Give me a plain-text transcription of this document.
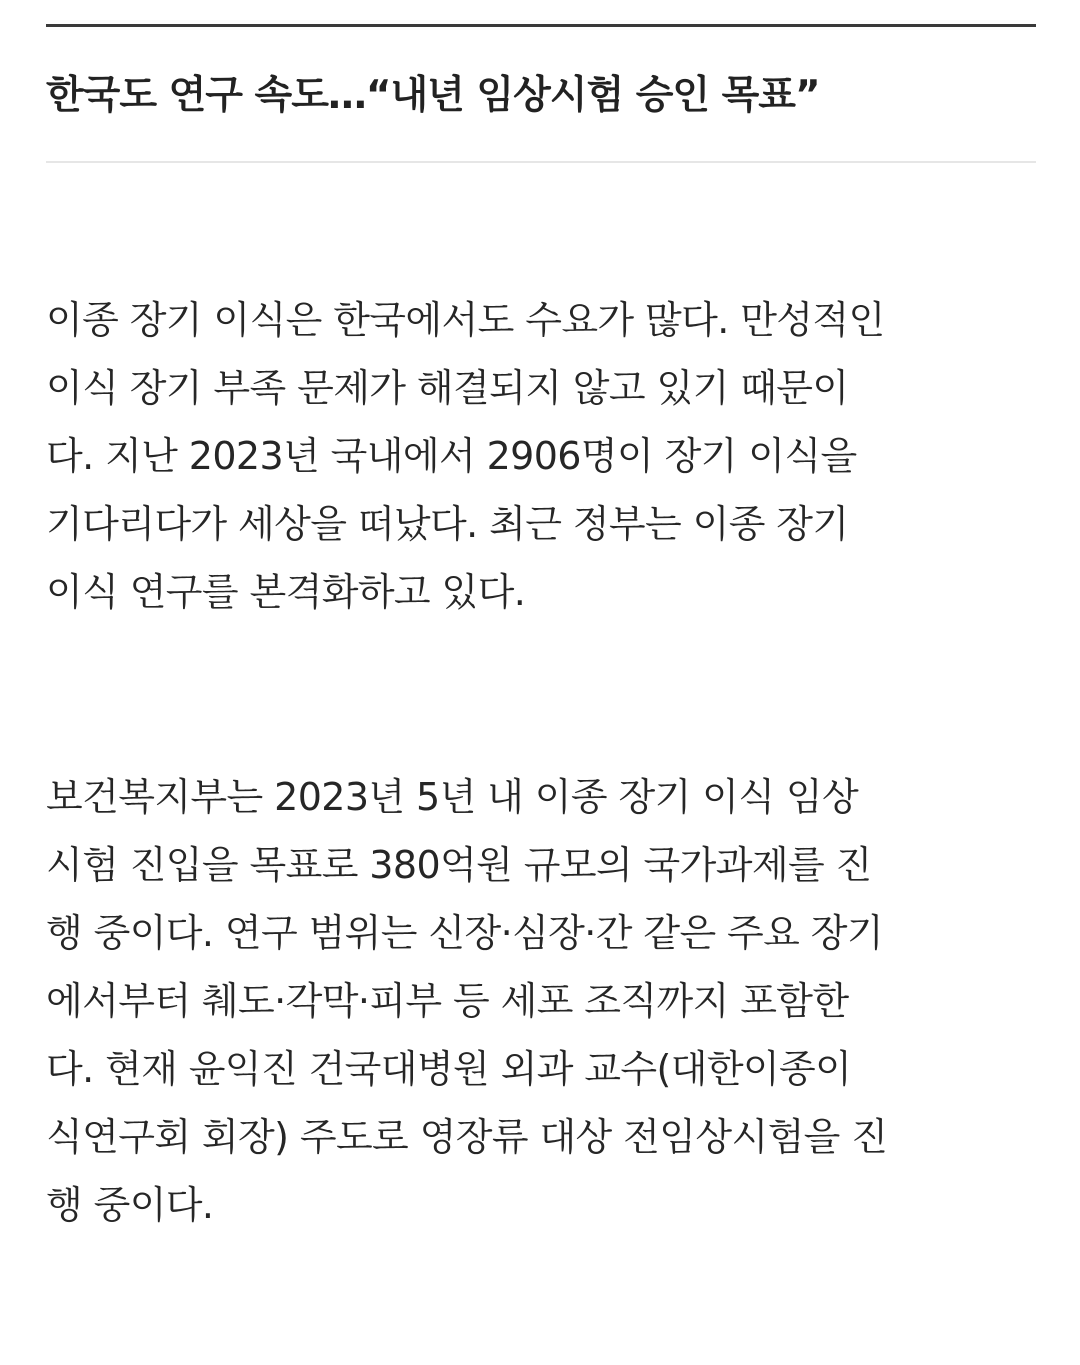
한국도 연구 속도…“내년 임상시험 승인 목표”
이종 장기 이식은 한국에서도 수요가 많다. 만성적인
이식 장기 부족 문제가 해결되지 않고 있기 때문이
다. 지난 2023년 국내에서 2906명이 장기 이식을
기다리다가 세상을 떠났다. 최근 정부는 이종 장기
이식 연구를 본격화하고 있다.
보건복지부는 2023년 5년 내 이종 장기 이식 임상
시험 진입을 목표로 380억원 규모의 국가과제를 진
행 중이다. 연구 범위는 신장·심장·간 같은 주요 장기
에서부터 췌도·각막·피부 등 세포 조직까지 포함한
다. 현재 윤익진 건국대병원 외과 교수(대한이종이
식연구회 회장) 주도로 영장류 대상 전임상시험을 진
행 중이다.
